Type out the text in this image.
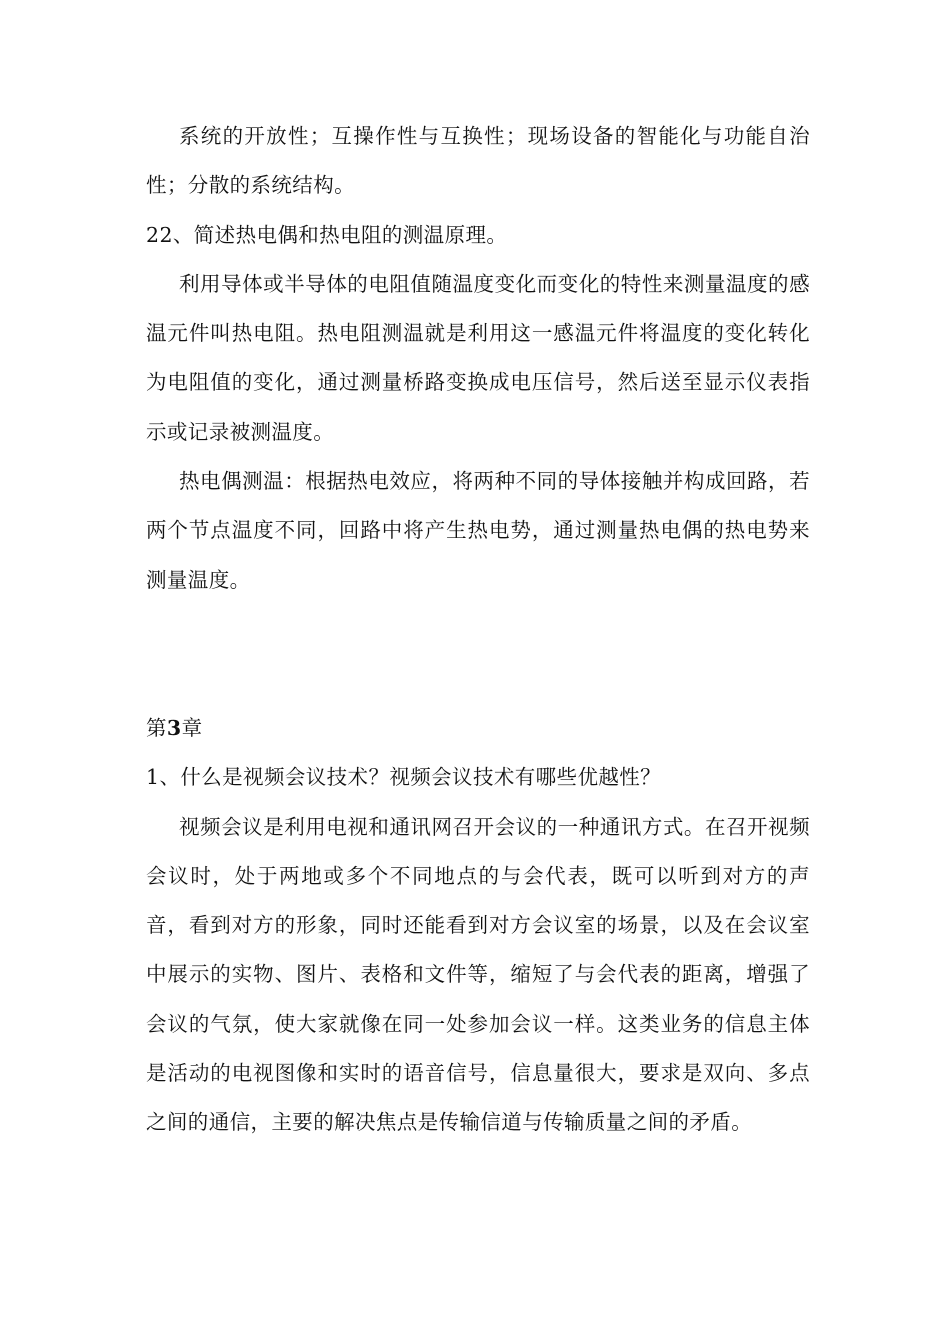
系统的开放性；互操作性与互换性；现场设备的智能化与功能自治性；分散的系统结构。

22、简述热电偶和热电阻的测温原理。

利用导体或半导体的电阻值随温度变化而变化的特性来测量温度的感温元件叫热电阻。热电阻测温就是利用这一感温元件将温度的变化转化为电阻值的变化，通过测量桥路变换成电压信号，然后送至显示仪表指示或记录被测温度。

热电偶测温：根据热电效应，将两种不同的导体接触并构成回路，若两个节点温度不同，回路中将产生热电势，通过测量热电偶的热电势来测量温度。

第3章

1、什么是视频会议技术？视频会议技术有哪些优越性？

视频会议是利用电视和通讯网召开会议的一种通讯方式。在召开视频会议时，处于两地或多个不同地点的与会代表，既可以听到对方的声音，看到对方的形象，同时还能看到对方会议室的场景，以及在会议室中展示的实物、图片、表格和文件等，缩短了与会代表的距离，增强了会议的气氛，使大家就像在同一处参加会议一样。这类业务的信息主体是活动的电视图像和实时的语音信号，信息量很大，要求是双向、多点之间的通信，主要的解决焦点是传输信道与传输质量之间的矛盾。
